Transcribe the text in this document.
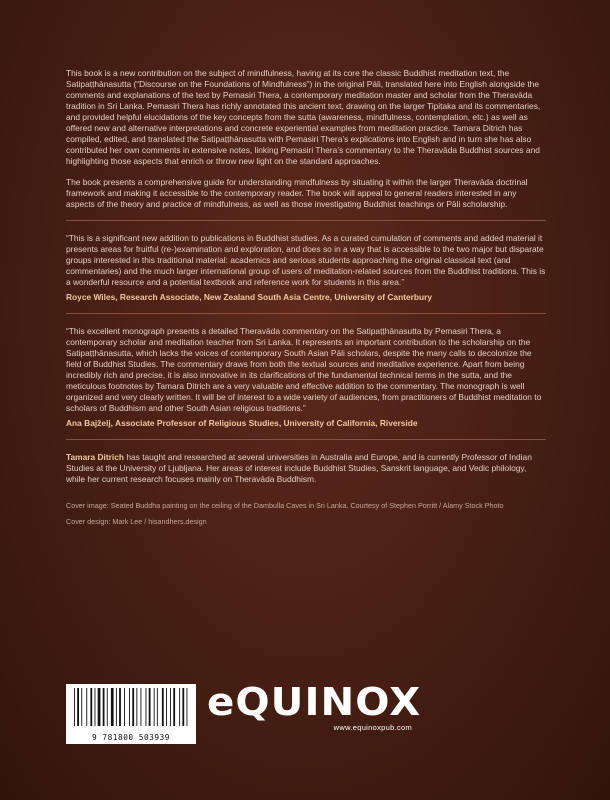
This book is a new contribution on the subject of mindfulness, having at its core the classic Buddhist meditation text, the Satipaṭṭhānasutta (“Discourse on the Foundations of Mindfulness”) in the original Pāli, translated here into English alongside the comments and explanations of the text by Pemasiri Thera, a contemporary meditation master and scholar from the Theravāda tradition in Sri Lanka. Pemasiri Thera has richly annotated this ancient text, drawing on the larger Tipiṭaka and its commentaries, and provided helpful elucidations of the key concepts from the sutta (awareness, mindfulness, contemplation, etc.) as well as offered new and alternative interpretations and concrete experiential examples from meditation practice. Tamara Ditrich has compiled, edited, and translated the Satipaṭṭhānasutta with Pemasiri Thera’s explications into English and in turn she has also contributed her own comments in extensive notes, linking Pemasiri Thera’s commentary to the Theravāda Buddhist sources and highlighting those aspects that enrich or throw new light on the standard approaches.

The book presents a comprehensive guide for understanding mindfulness by situating it within the larger Theravāda doctrinal framework and making it accessible to the contemporary reader. The book will appeal to general readers interested in any aspects of the theory and practice of mindfulness, as well as those investigating Buddhist teachings or Pāli scholarship.

“This is a significant new addition to publications in Buddhist studies. As a curated cumulation of comments and added material it presents areas for fruitful (re-)examination and exploration, and does so in a way that is accessible to the two major but disparate groups interested in this traditional material: academics and serious students approaching the original classical text (and commentaries) and the much larger international group of users of meditation-related sources from the Buddhist traditions. This is a wonderful resource and a potential textbook and reference work for students in this area.”

Royce Wiles, Research Associate, New Zealand South Asia Centre, University of Canterbury

“This excellent monograph presents a detailed Theravāda commentary on the Satipaṭṭhānasutta by Pemasiri Thera, a contemporary scholar and meditation teacher from Sri Lanka. It represents an important contribution to the scholarship on the Satipaṭṭhānasutta, which lacks the voices of contemporary South Asian Pāli scholars, despite the many calls to decolonize the field of Buddhist Studies. The commentary draws from both the textual sources and meditative experience. Apart from being incredibly rich and precise, it is also innovative in its clarifications of the fundamental technical terms in the sutta, and the meticulous footnotes by Tamara Ditrich are a very valuable and effective addition to the commentary. The monograph is well organized and very clearly written. It will be of interest to a wide variety of audiences, from practitioners of Buddhist meditation to scholars of Buddhism and other South Asian religious traditions.”

Ana Bajželj, Associate Professor of Religious Studies, University of California, Riverside

Tamara Ditrich has taught and researched at several universities in Australia and Europe, and is currently Professor of Indian Studies at the University of Ljubljana. Her areas of interest include Buddhist Studies, Sanskrit language, and Vedic philology, while her current research focuses mainly on Theravāda Buddhism.

Cover image: Seated Buddha painting on the ceiling of the Dambulla Caves in Sri Lanka. Courtesy of Stephen Porritt / Alamy Stock Photo

Cover design: Mark Lee / hisandhers.design

9 781800 503939
eQUINOX
www.equinoxpub.com
